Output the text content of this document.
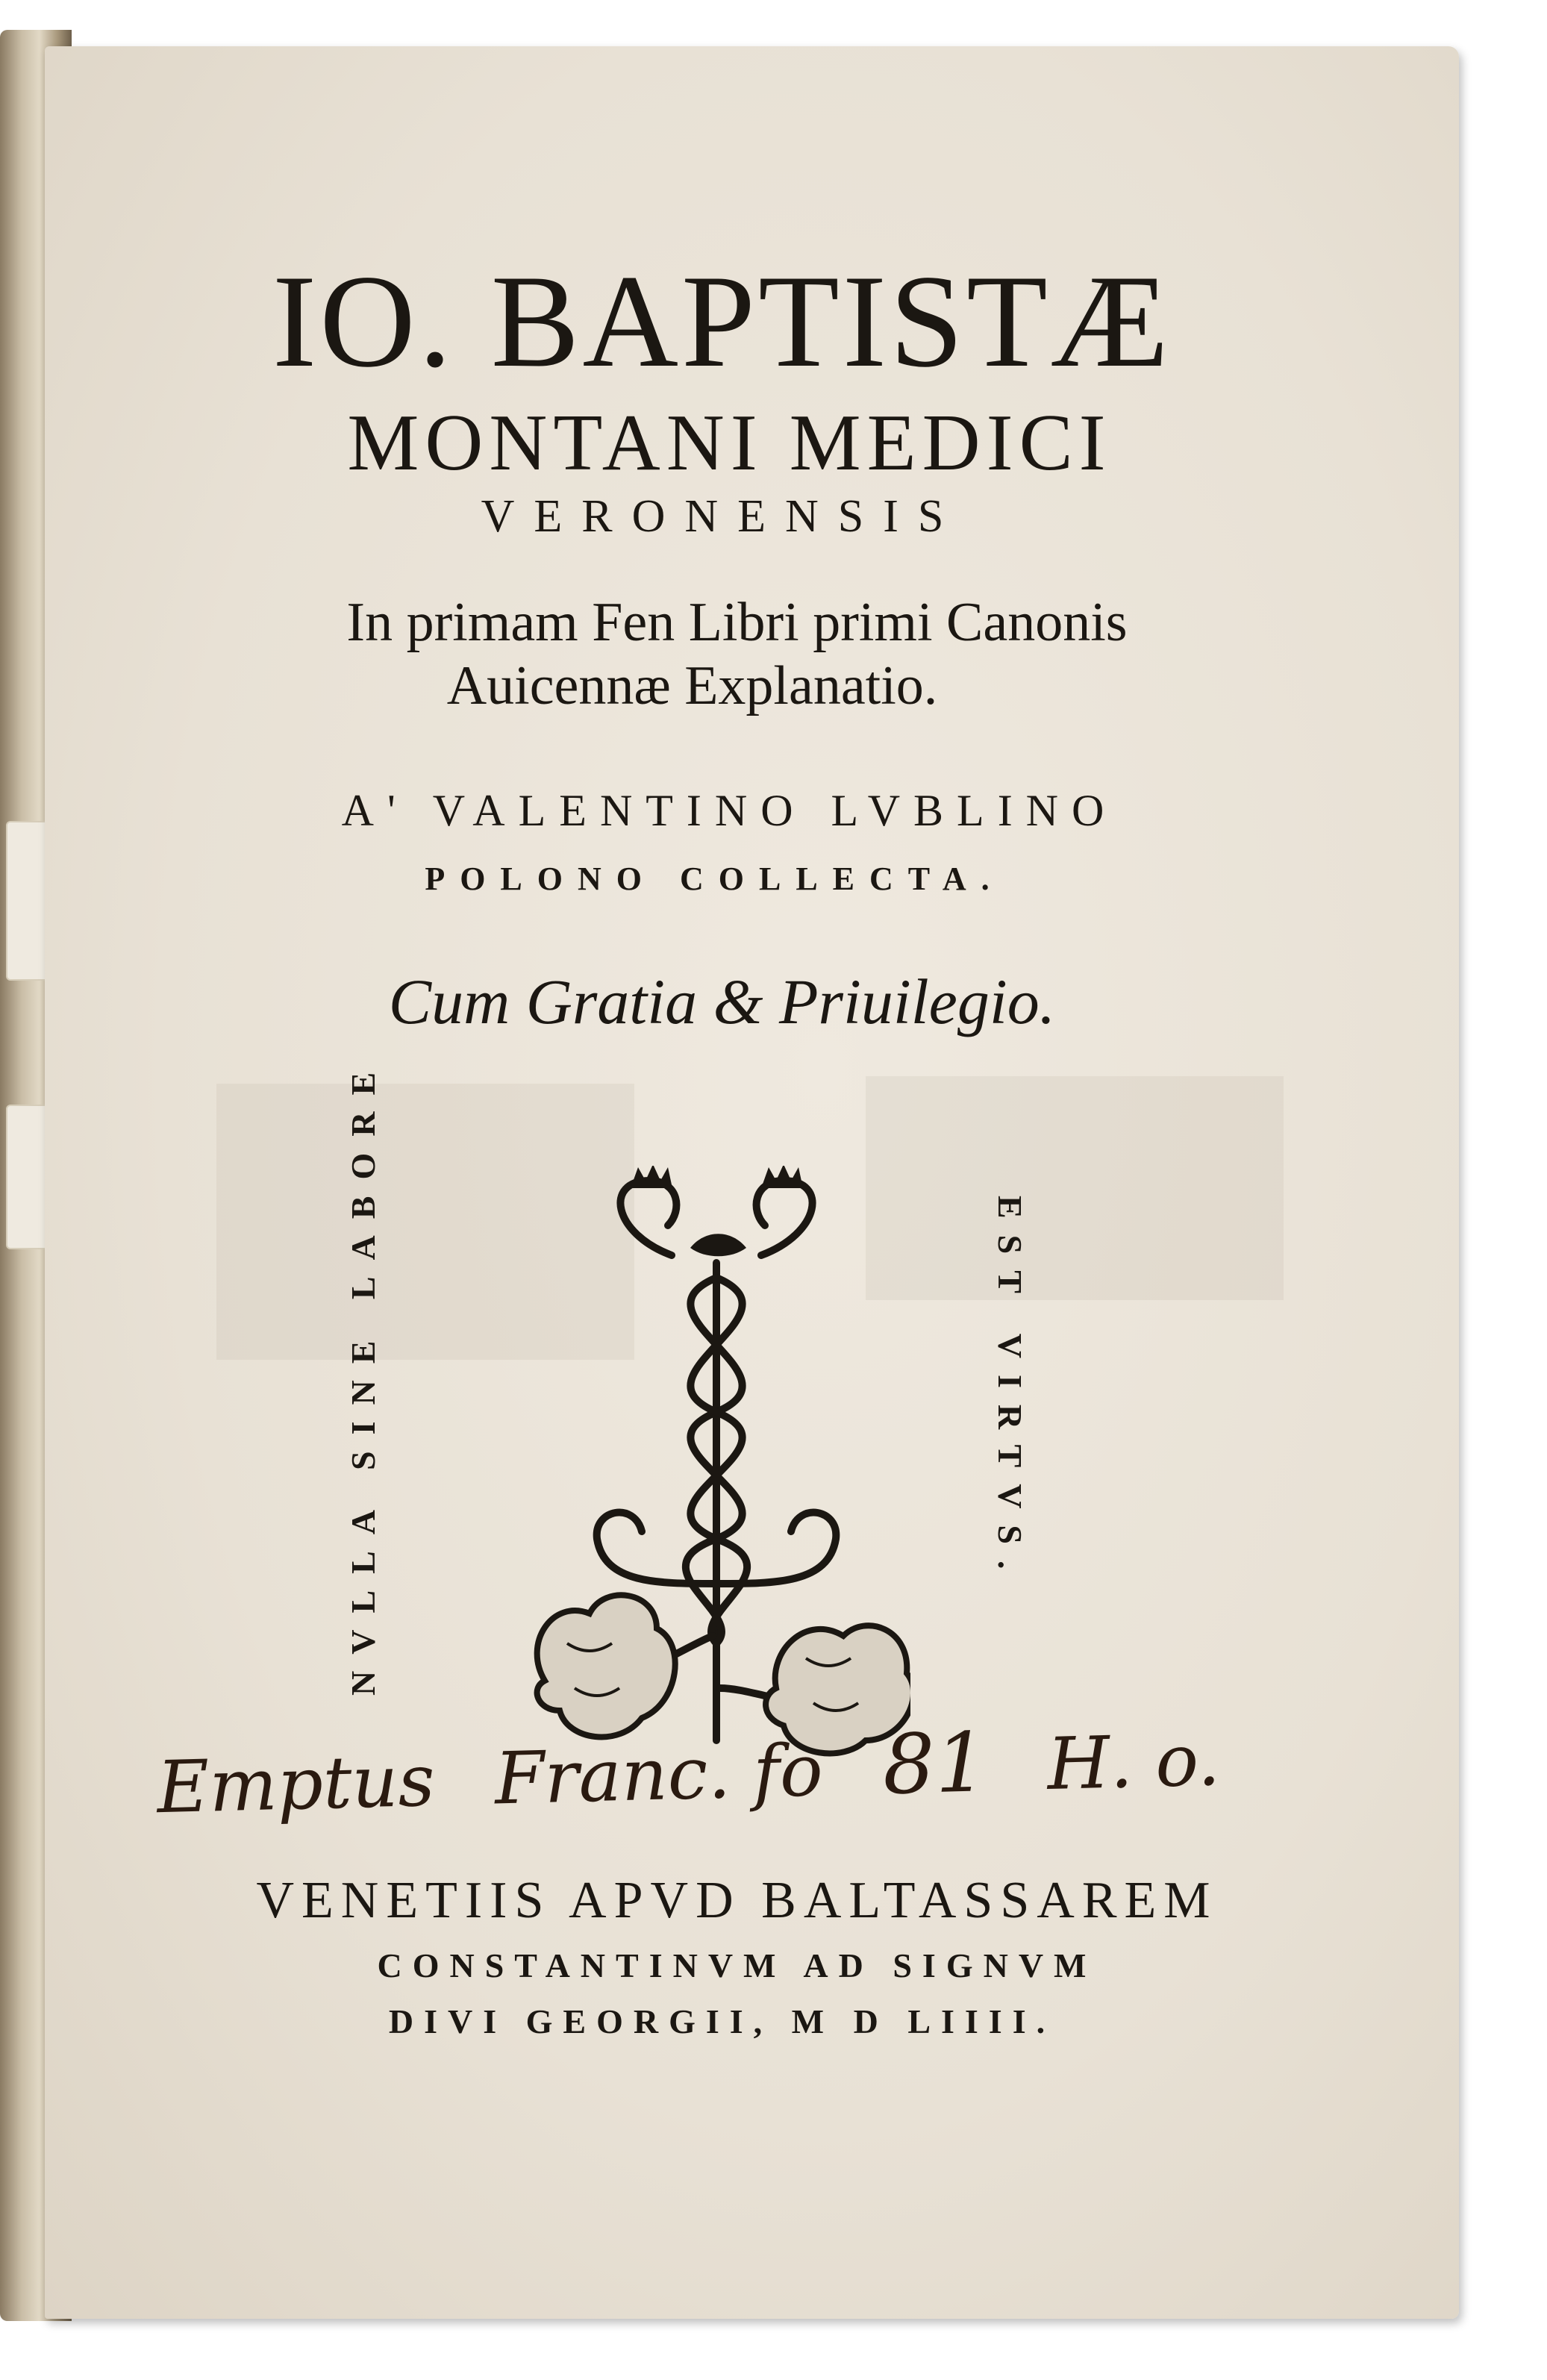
IO. BAPTISTÆ
MONTANI MEDICI
VERONENSIS
In primam Fen Libri primi Canonis
Auicennæ Explanatio.
A' VALENTINO LVBLINO
POLONO COLLECTA.
Cum Gratia & Priuilegio.
NVLLA SINE LABORE	EST VIRTVS.
Emptus Franc. fo 81 H. o.
VENETIIS APVD BALTASSAREM
CONSTANTINVM AD SIGNVM
DIVI GEORGII, M D LIIII.
